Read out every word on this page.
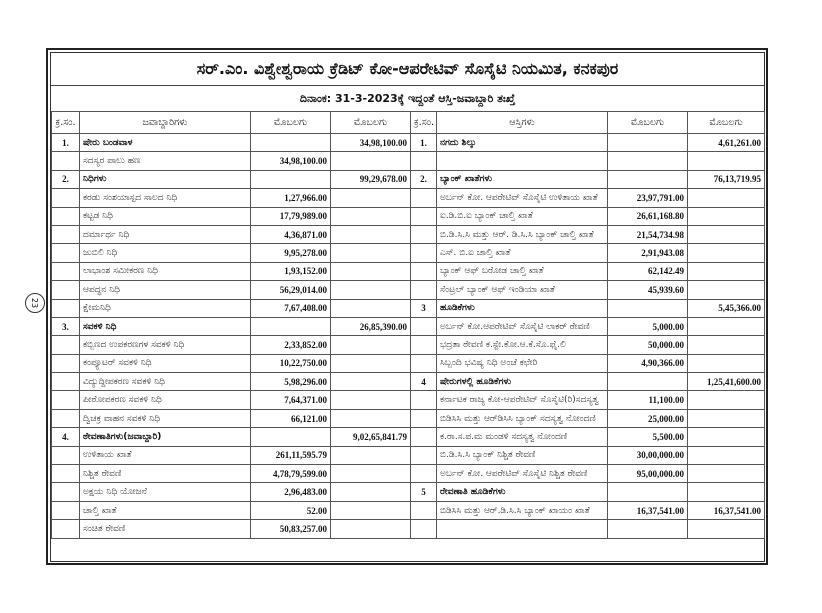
23
ಸರ್.ಎಂ. ವಿಶ್ವೇಶ್ವರಾಯ ಕ್ರೆಡಿಟ್ ಕೋ-ಆಪರೇಟಿವ್ ಸೊಸೈಟಿ ನಿಯಮಿತ, ಕನಕಪುರ
ದಿನಾಂಕ: 31-3-2023ಕ್ಕೆ ಇದ್ದಂತೆ ಆಸ್ತಿ-ಜವಾಬ್ದಾರಿ ತಃಖ್ತೆ
ಕ್ರ.ಸಂ.	ಜವಾಬ್ದಾರಿಗಳು	ಮೊಬಲಗು	ಮೊಬಲಗು	ಕ್ರ.ಸಂ.	ಆಸ್ತಿಗಳು	ಮೊಬಲಗು	ಮೊಬಲಗು
1.	ಷೇರು ಬಂಡವಾಳ		34,98,100.00	1.	ನಗದು ಶಿಲ್ಕು		4,61,261.00
	ಸದಸ್ಯರ ಪಾಲು ಹಣ	34,98,100.00					
2.	ನಿಧಿಗಳು		99,29,678.00	2.	ಬ್ಯಾಂಕ್ ಖಾತೆಗಳು		76,13,719.95
	ಕರಡು ಸಂಶಯಾಸ್ಪದ ಸಾಲದ ನಿಧಿ	1,27,966.00			ಅರ್ಬನ್ ಕೋ. ಆಪರೇಟಿವ್ ಸೊಸೈಟಿ ಉಳಿತಾಯ ಖಾತೆ	23,97,791.00	
	ಕಟ್ಟಡ ನಿಧಿ	17,79,989.00			ಐ.ಡಿ.ಬಿ.ಐ ಬ್ಯಾಂಕ್ ಚಾಲ್ತಿ ಖಾತೆ	26,61,168.80	
	ದರ್ಮಾರ್ಥ ನಿಧಿ	4,36,871.00			ಬಿ.ಡಿ.ಸಿ.ಸಿ ಮತ್ತು ಆರ್. ಡಿ.ಸಿ.ಸಿ ಬ್ಯಾಂಕ್ ಚಾಲ್ತಿ ಖಾತೆ	21,54,734.98	
	ಜುಬಿಲಿ ನಿಧಿ	9,95,278.00			ಎಸ್. ಬಿ.ಐ ಚಾಲ್ತಿ ಖಾತೆ	2,91,943.08	
	ಲಾಭಾಂಶ ಸಮೀಕರಣ ನಿಧಿ	1,93,152.00			ಬ್ಯಾಂಕ್ ಆಫ್ ಬರೋಡ ಚಾಲ್ತಿ ಖಾತೆ	62,142.49	
	ಆಪದ್ಧನ ನಿಧಿ	56,29,014.00			ಸೆಂಟ್ರಲ್ ಬ್ಯಾಂಕ್ ಆಫ್ ಇಂಡಿಯಾ ಖಾತೆ	45,939.60	
	ಕ್ಷೇಮನಿಧಿ	7,67,408.00		3	ಹೂಡಿಕೆಗಳು		5,45,366.00
3.	ಸವಕಳಿ ನಿಧಿ		26,85,390.00		ಅರ್ಬನ್ ಕೋ.ಆಪರೇಟಿವ್ ಸೊಸೈಟಿ ಲಾಕರ್ ಠೇವಣಿ	5,000.00	
	ಕಬ್ಬಿಣದ ಉಪಕರಣಗಳ ಸವಕಳಿ ನಿಧಿ	2,33,852.00			ಭದ್ರತಾ ಠೇವಣಿ ಕ.ಸ್ಟೇ.ಕೋ.ಆ.ಕೆ.ಸೊ.ಫೈ.ಲಿ	50,000.00	
	ಕಂಪ್ಯೂಟರ್ ಸವಕಳಿ ನಿಧಿ	10,22,750.00			ಸಿಬ್ಬಂದಿ ಭವಿಷ್ಯ ನಿಧಿ ಅಂಚೆ ಕಛೇರಿ	4,90,366.00	
	ವಿದ್ಯುದ್ದೀಪಕರಣ ಸವಕಳಿ ನಿಧಿ	5,98,296.00		4	ಷೇರುಗಳಲ್ಲಿ ಹೂಡಿಕೆಗಳು		1,25,41,600.00
	ಪೀಠೋಪಕರಣ ಸವಕಳಿ ನಿಧಿ	7,64,371.00			ಕರ್ನಾಟಕ ರಾಜ್ಯ ಕೋ-ಆಪರೇಟಿವ್ ಸೊಸೈಟಿ(ರಿ)ಸದಸ್ಯತ್ವ	11,100.00	
	ದ್ವಿಚಕ್ರ ವಾಹನ ಸವಕಳಿ ನಿಧಿ	66,121.00			ಬಿಡಿಸಿಸಿ ಮತ್ತು ಆರ್‌ಡಿಸಿಸಿ ಬ್ಯಾಂಕ್ ಸದಸ್ಯತ್ವ ನೋಂದಣಿ	25,000.00	
4.	ಠೇವಣಾತಿಗಳು(ಜವಾಬ್ದಾರಿ)		9,02,65,841.79		ಕ.ರಾ.ಸ.ಪ.ಮ ಮಂಡಳಿ ಸದಸ್ಯತ್ವ ನೋಂದಣಿ	5,500.00	
	ಉಳಿತಾಯ ಖಾತೆ	261,11,595.79			ಬಿ.ಡಿ.ಸಿ.ಸಿ ಬ್ಯಾಂಕ್ ನಿಶ್ಚಿತ ಠೇವಣಿ	30,00,000.00	
	ನಿಶ್ಚಿತ ಠೇವಣಿ	4,78,79,599.00			ಅರ್ಬನ್ ಕೋ. ಆಪರೇಟಿವ್ ಸೊಸೈಟಿ ನಿಶ್ಚಿತ ಠೇವಣಿ	95,00,000.00	
	ಅಕ್ಷಯ ನಿಧಿ ಯೋಜನೆ	2,96,483.00		5	ರೇವಣಾತಿ ಹೂಡಿಕೆಗಳು		
	ಚಾಲ್ತಿ ಖಾತೆ	52.00			ಬಿಡಿಸಿಸಿ ಮತ್ತು ಆರ್.ಡಿ.ಸಿ.ಸಿ ಬ್ಯಾಂಕ್ ಖಾಯಂ ಖಾತೆ	16,37,541.00	16,37,541.00
	ಸಂಚಿತ ಠೇವಣಿ	50,83,257.00					
